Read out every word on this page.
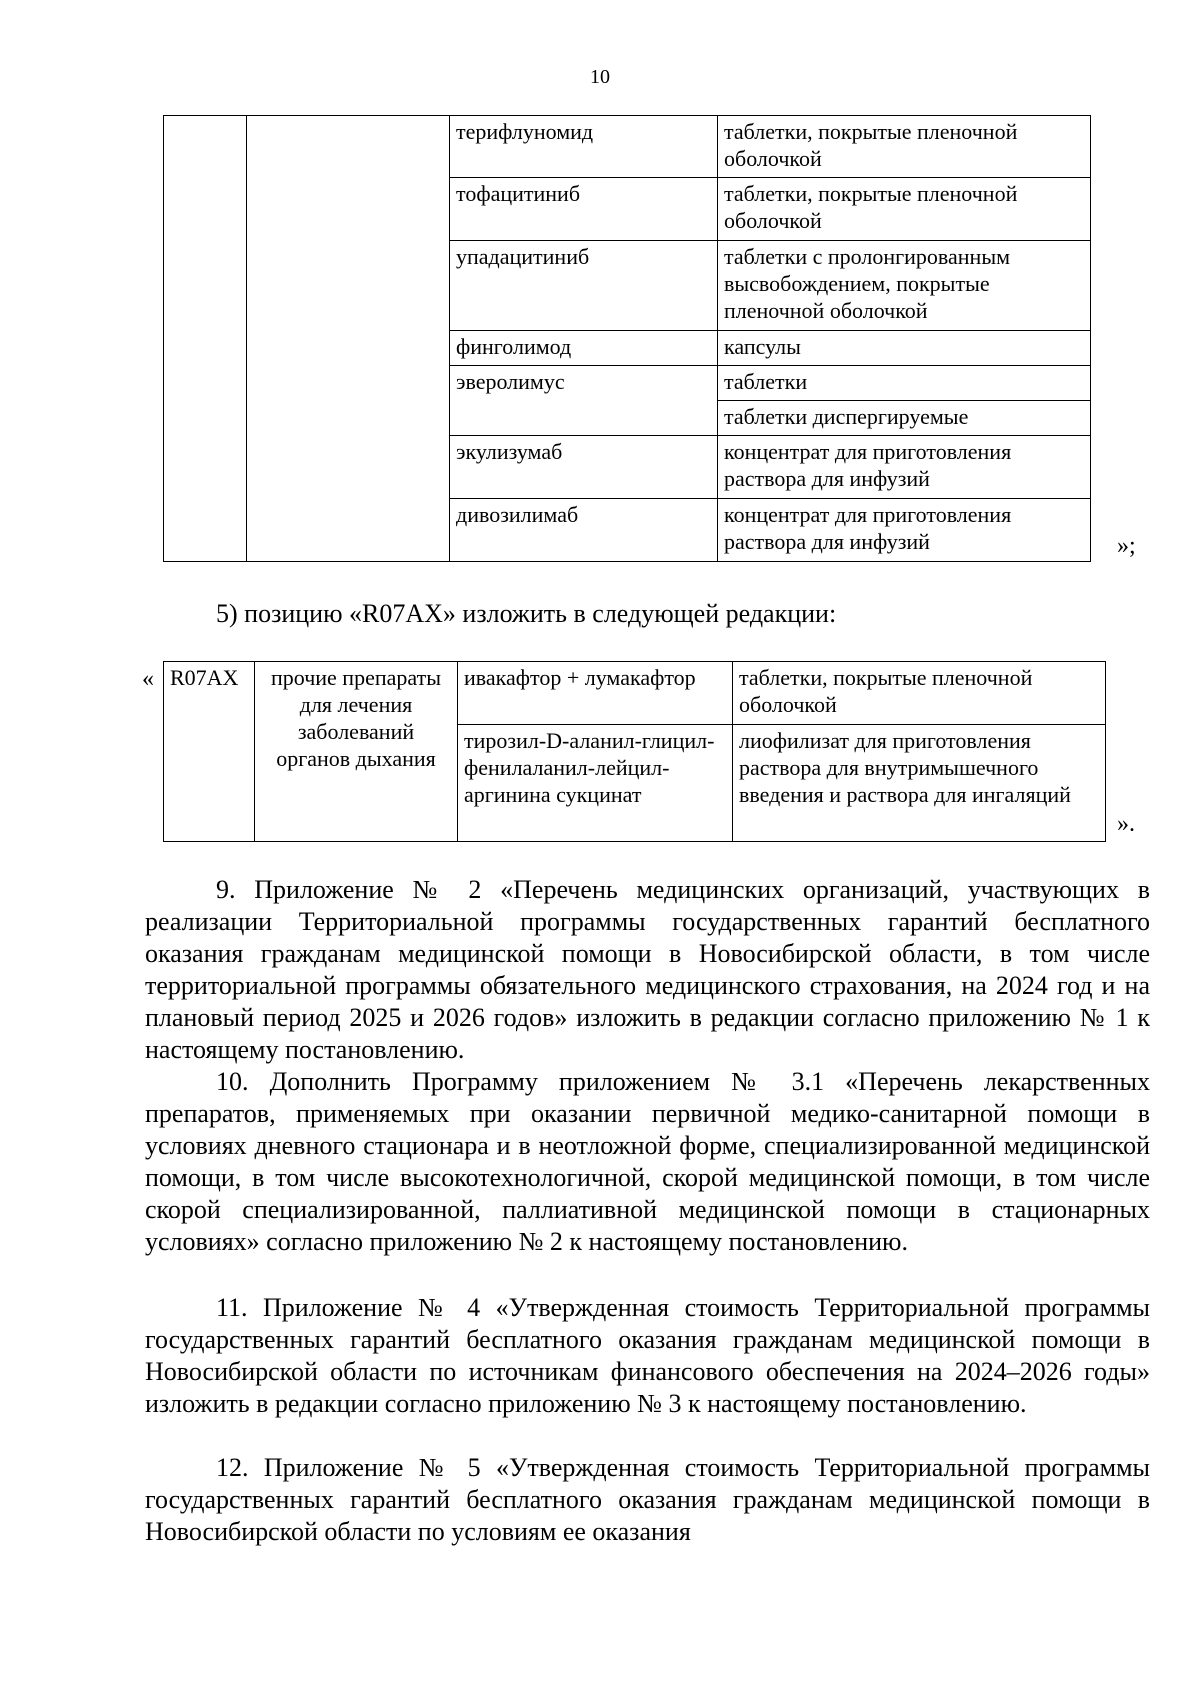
10
		терифлуномид	таблетки, покрытые пленочной оболочкой
		тофацитиниб	таблетки, покрытые пленочной оболочкой
		упадацитиниб	таблетки с пролонгированным высвобождением, покрытые пленочной оболочкой
		финголимод	капсулы
		эверолимус	таблетки
			таблетки диспергируемые
		экулизумаб	концентрат для приготовления раствора для инфузий
		дивозилимаб	концентрат для приготовления раствора для инфузий	»;
5) позицию «R07AX» изложить в следующей редакции:
« R07AX	прочие препараты для лечения заболеваний органов дыхания	ивакафтор + лумакафтор	таблетки, покрытые пленочной оболочкой
		тирозил-D-аланил-глицил-фенилаланил-лейцил-аргинина сукцинат	лиофилизат для приготовления раствора для внутримышечного введения и раствора для ингаляций
».

9. Приложение № 2 «Перечень медицинских организаций, участвующих в реализации Территориальной программы государственных гарантий бесплатного оказания гражданам медицинской помощи в Новосибирской области, в том числе территориальной программы обязательного медицинского страхования, на 2024 год и на плановый период 2025 и 2026 годов» изложить в редакции согласно приложению № 1 к настоящему постановлению.

10. Дополнить Программу приложением № 3.1 «Перечень лекарственных препаратов, применяемых при оказании первичной медико-санитарной помощи в условиях дневного стационара и в неотложной форме, специализированной медицинской помощи, в том числе высокотехнологичной, скорой медицинской помощи, в том числе скорой специализированной, паллиативной медицинской помощи в стационарных условиях» согласно приложению № 2 к настоящему постановлению.

11. Приложение № 4 «Утвержденная стоимость Территориальной программы государственных гарантий бесплатного оказания гражданам медицинской помощи в Новосибирской области по источникам финансового обеспечения на 2024–2026 годы» изложить в редакции согласно приложению № 3 к настоящему постановлению.

12. Приложение № 5 «Утвержденная стоимость Территориальной программы государственных гарантий бесплатного оказания гражданам медицинской помощи в Новосибирской области по условиям ее оказания
